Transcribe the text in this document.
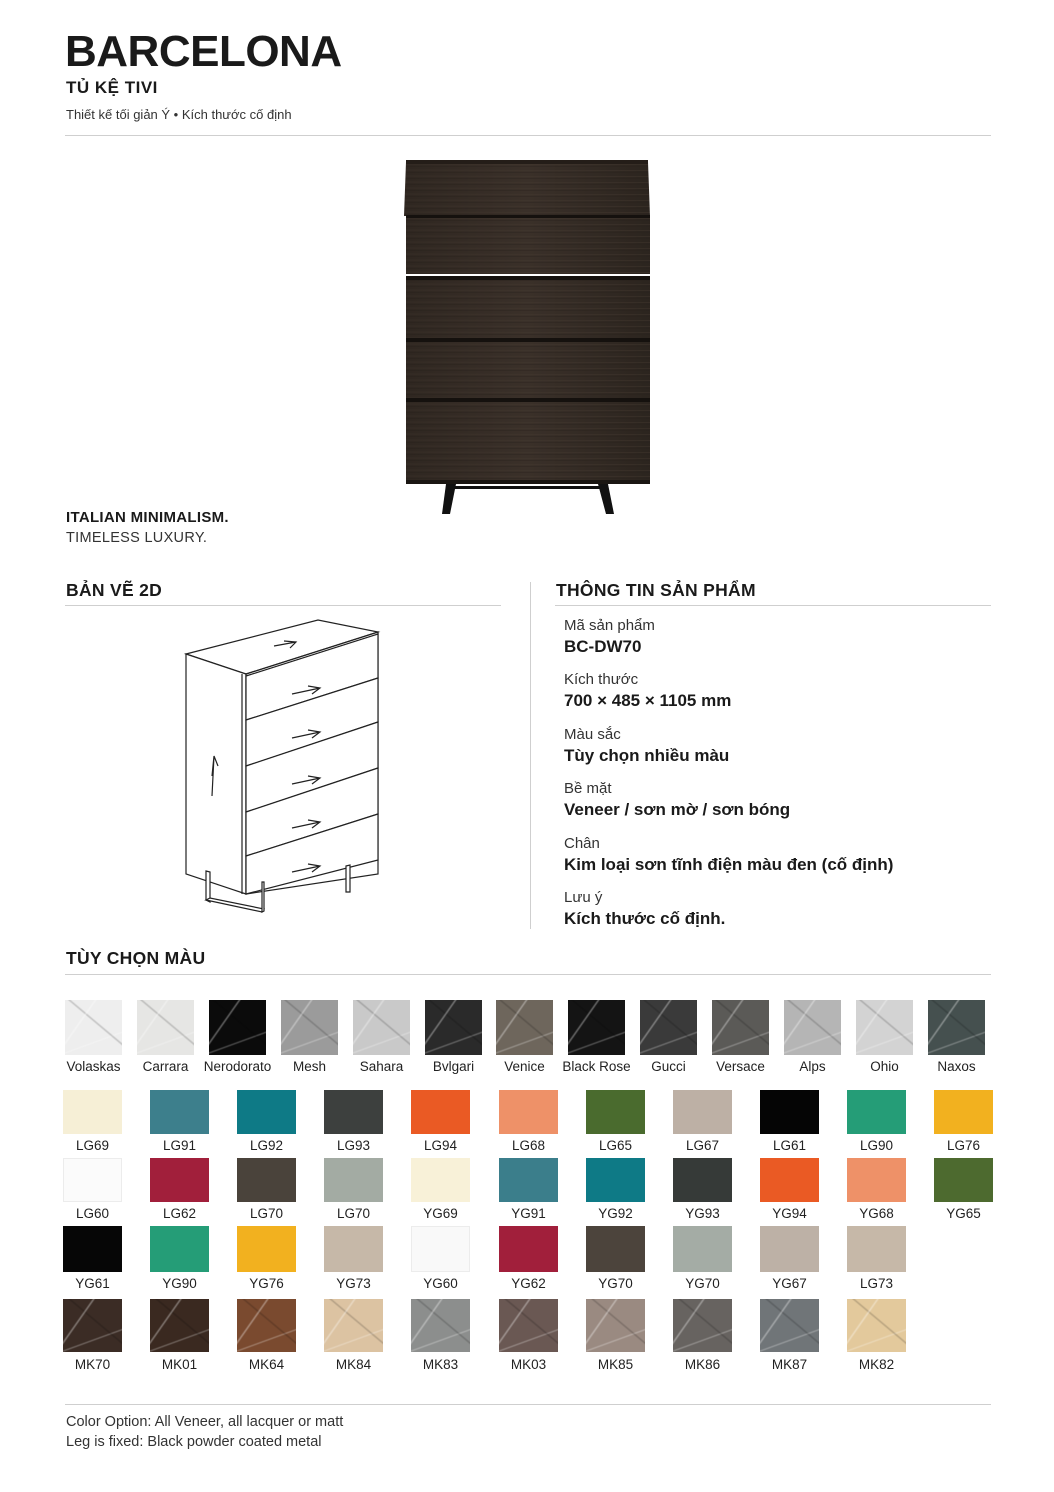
BARCELONA
TỦ KỆ TIVI
Thiết kế tối giản Ý • Kích thước cố định
ITALIAN MINIMALISM.
TIMELESS LUXURY.
BẢN VẼ 2D	THÔNG TIN SẢN PHẨM
Mã sản phẩm
BC-DW70
Kích thước
700 × 485 × 1105 mm
Màu sắc
Tùy chọn nhiều màu
Bề mặt
Veneer / sơn mờ / sơn bóng
Chân
Kim loại sơn tĩnh điện màu đen (cố định)
Lưu ý
Kích thước cố định.
TÙY CHỌN MÀU
Volaskas	Carrara	Nerodorato	Mesh	Sahara	Bvlgari	Venice	Black Rose	Gucci	Versace	Alps	Ohio	Naxos
LG69	LG91	LG92	LG93	LG94	LG68	LG65	LG67	LG61	LG90	LG76
LG60	LG62	LG70	LG70	YG69	YG91	YG92	YG93	YG94	YG68	YG65
YG61	YG90	YG76	YG73	YG60	YG62	YG70	YG70	YG67	LG73
MK70	MK01	MK64	MK84	MK83	MK03	MK85	MK86	MK87	MK82
Color Option: All Veneer, all lacquer or matt
Leg is fixed: Black powder coated metal
